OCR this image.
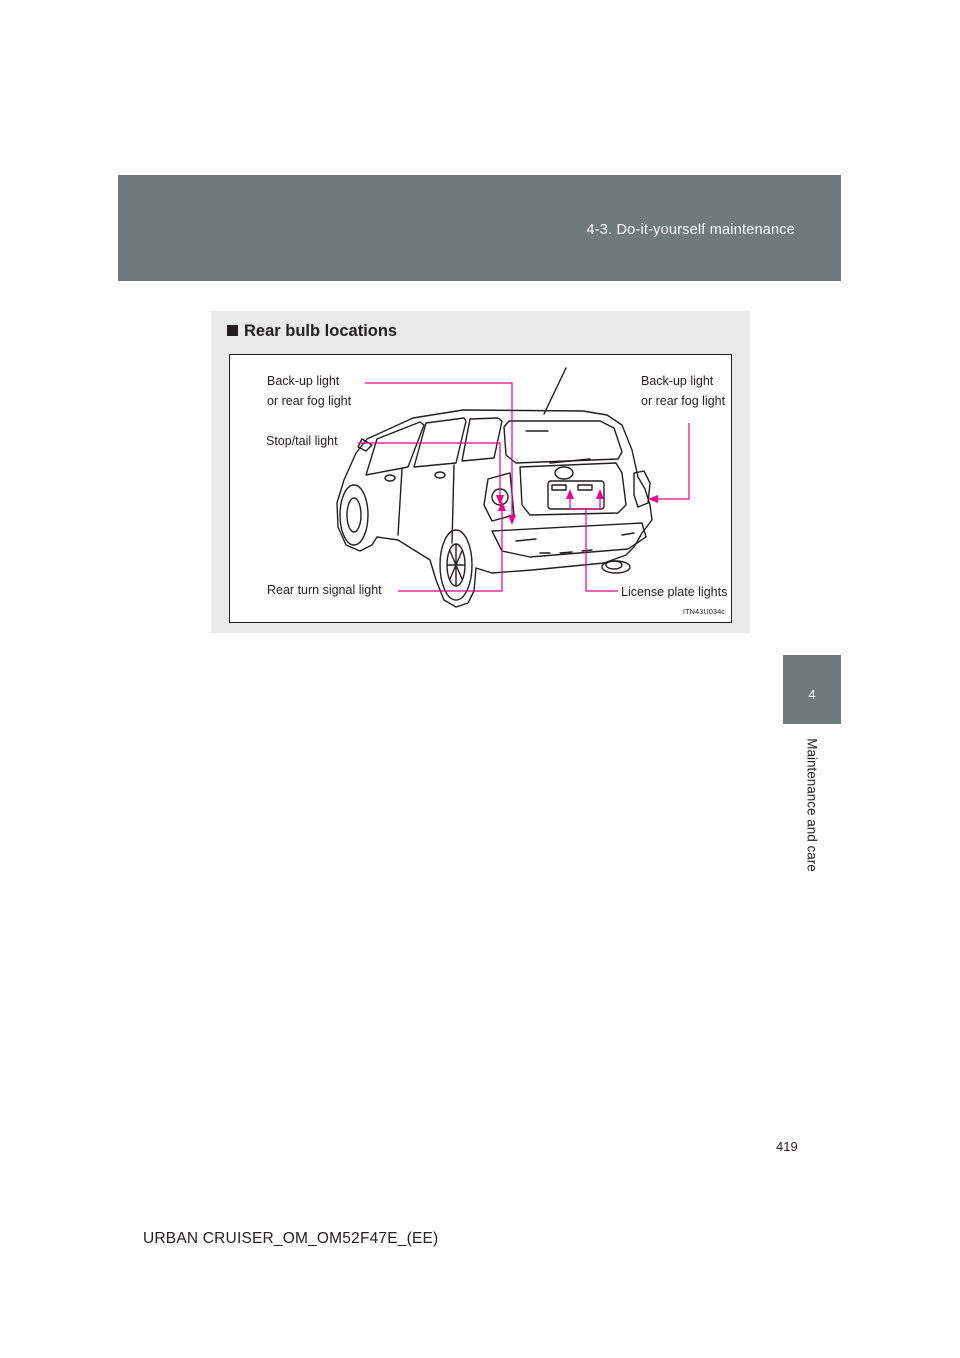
4-3. Do-it-yourself maintenance
4
Maintenance and care
Rear bulb locations
Back-up light
or rear fog light
Back-up light
or rear fog light
Stop/tail light
Rear turn signal light	License plate lights
ITN43U034c
419
URBAN CRUISER_OM_OM52F47E_(EE)
